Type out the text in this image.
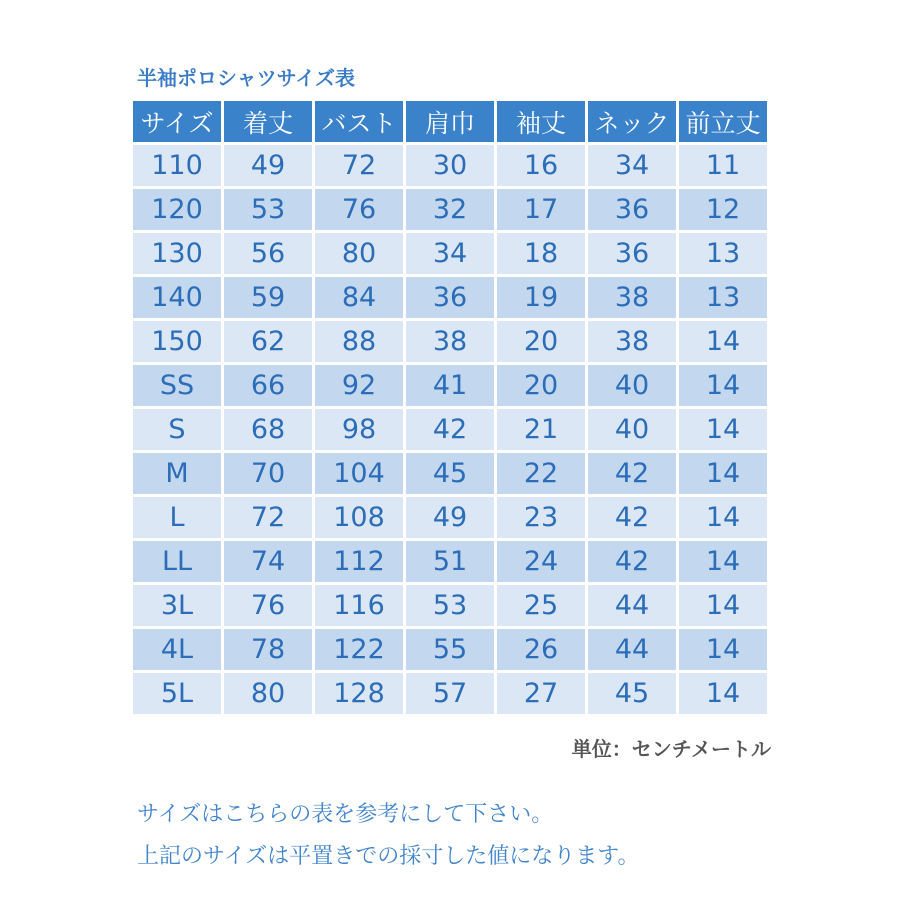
半袖ポロシャツサイズ表
サイズ	着丈	バスト	肩巾	袖丈	ネック	前立丈
110	49	72	30	16	34	11
120	53	76	32	17	36	12
130	56	80	34	18	36	13
140	59	84	36	19	38	13
150	62	88	38	20	38	14
SS	66	92	41	20	40	14
S	68	98	42	21	40	14
M	70	104	45	22	42	14
L	72	108	49	23	42	14
LL	74	112	51	24	42	14
3L	76	116	53	25	44	14
4L	78	122	55	26	44	14
5L	80	128	57	27	45	14
単位：センチメートル
サイズはこちらの表を参考にして下さい。
上記のサイズは平置きでの採寸した値になります。
